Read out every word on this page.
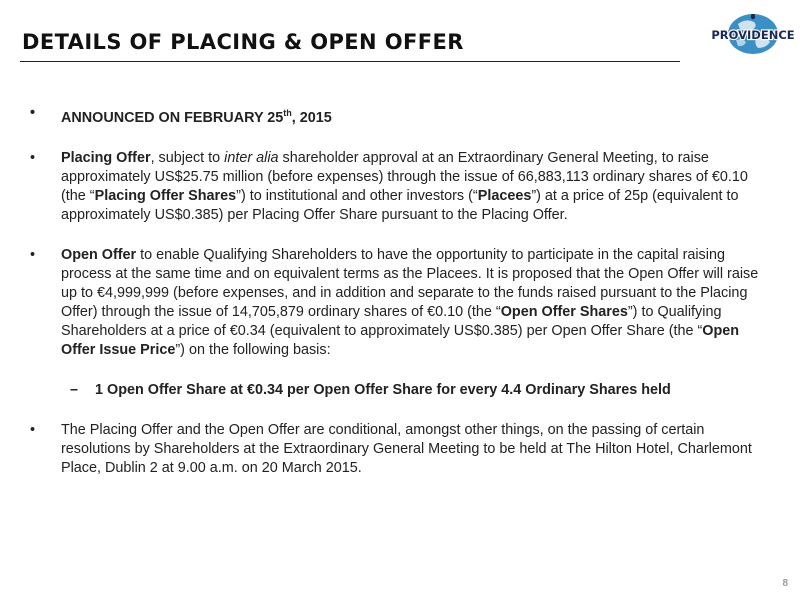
DETAILS OF PLACING & OPEN OFFER	PROVIDENCE
• ANNOUNCED ON FEBRUARY 25th, 2015
• Placing Offer, subject to inter alia shareholder approval at an Extraordinary General Meeting, to raise approximately US$25.75 million (before expenses) through the issue of 66,883,113 ordinary shares of €0.10 (the “Placing Offer Shares”) to institutional and other investors (“Placees”) at a price of 25p (equivalent to approximately US$0.385) per Placing Offer Share pursuant to the Placing Offer.
• Open Offer to enable Qualifying Shareholders to have the opportunity to participate in the capital raising process at the same time and on equivalent terms as the Placees. It is proposed that the Open Offer will raise up to €4,999,999 (before expenses, and in addition and separate to the funds raised pursuant to the Placing Offer) through the issue of 14,705,879 ordinary shares of €0.10 (the “Open Offer Shares”) to Qualifying Shareholders at a price of €0.34 (equivalent to approximately US$0.385) per Open Offer Share (the “Open Offer Issue Price”) on the following basis:
– 1 Open Offer Share at €0.34 per Open Offer Share for every 4.4 Ordinary Shares held
• The Placing Offer and the Open Offer are conditional, amongst other things, on the passing of certain resolutions by Shareholders at the Extraordinary General Meeting to be held at The Hilton Hotel, Charlemont Place, Dublin 2 at 9.00 a.m. on 20 March 2015.
8
